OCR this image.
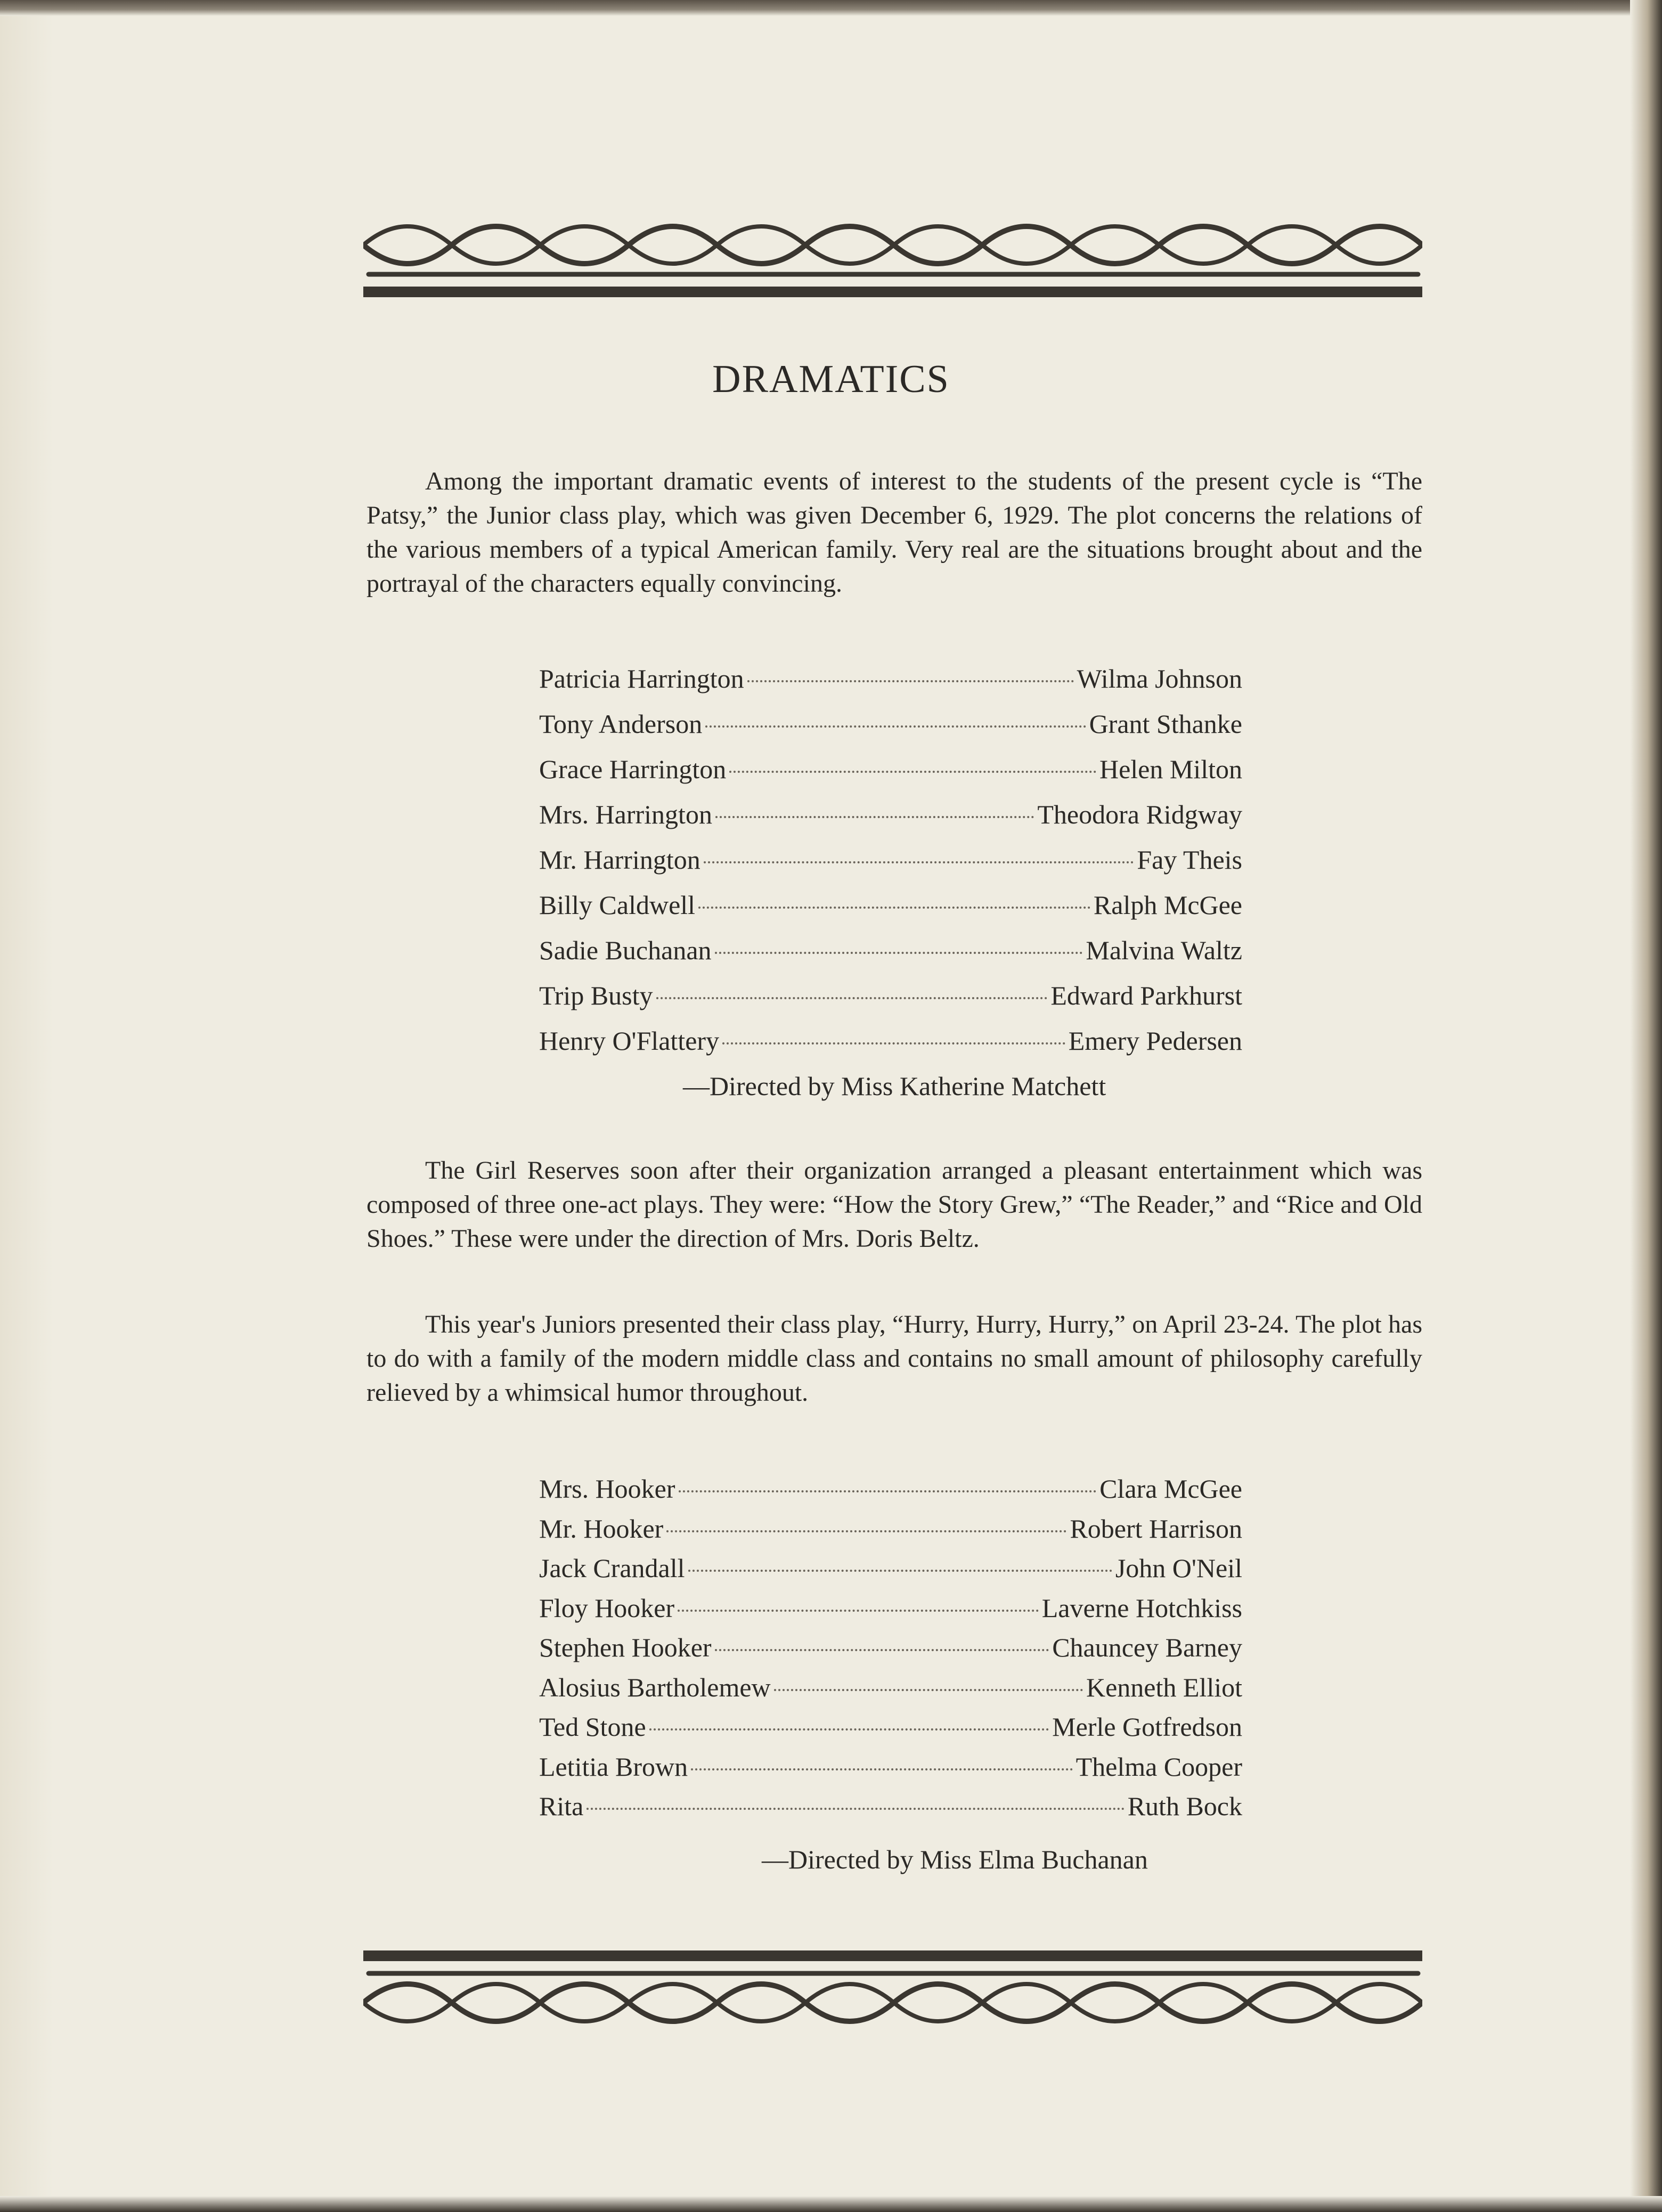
DRAMATICS

Among the important dramatic events of interest to the students of the present cycle is “The Patsy,” the Junior class play, which was given December 6, 1929. The plot concerns the relations of the various members of a typical American family. Very real are the situations brought about and the portrayal of the characters equally convincing.

Patricia Harrington	Wilma Johnson
Tony Anderson	Grant Sthanke
Grace Harrington	Helen Milton
Mrs. Harrington	Theodora Ridgway
Mr. Harrington	Fay Theis
Billy Caldwell	Ralph McGee
Sadie Buchanan	Malvina Waltz
Trip Busty	Edward Parkhurst
Henry O'Flattery	Emery Pedersen

—Directed by Miss Katherine Matchett

The Girl Reserves soon after their organization arranged a pleasant entertainment which was composed of three one-act plays. They were: “How the Story Grew,” “The Reader,” and “Rice and Old Shoes.” These were under the direction of Mrs. Doris Beltz.

This year's Juniors presented their class play, “Hurry, Hurry, Hurry,” on April 23-24. The plot has to do with a family of the modern middle class and contains no small amount of philosophy carefully relieved by a whimsical humor throughout.

Mrs. Hooker	Clara McGee
Mr. Hooker	Robert Harrison
Jack Crandall	John O'Neil
Floy Hooker	Laverne Hotchkiss
Stephen Hooker	Chauncey Barney
Alosius Bartholemew	Kenneth Elliot
Ted Stone	Merle Gotfredson
Letitia Brown	Thelma Cooper
Rita	Ruth Bock

—Directed by Miss Elma Buchanan
